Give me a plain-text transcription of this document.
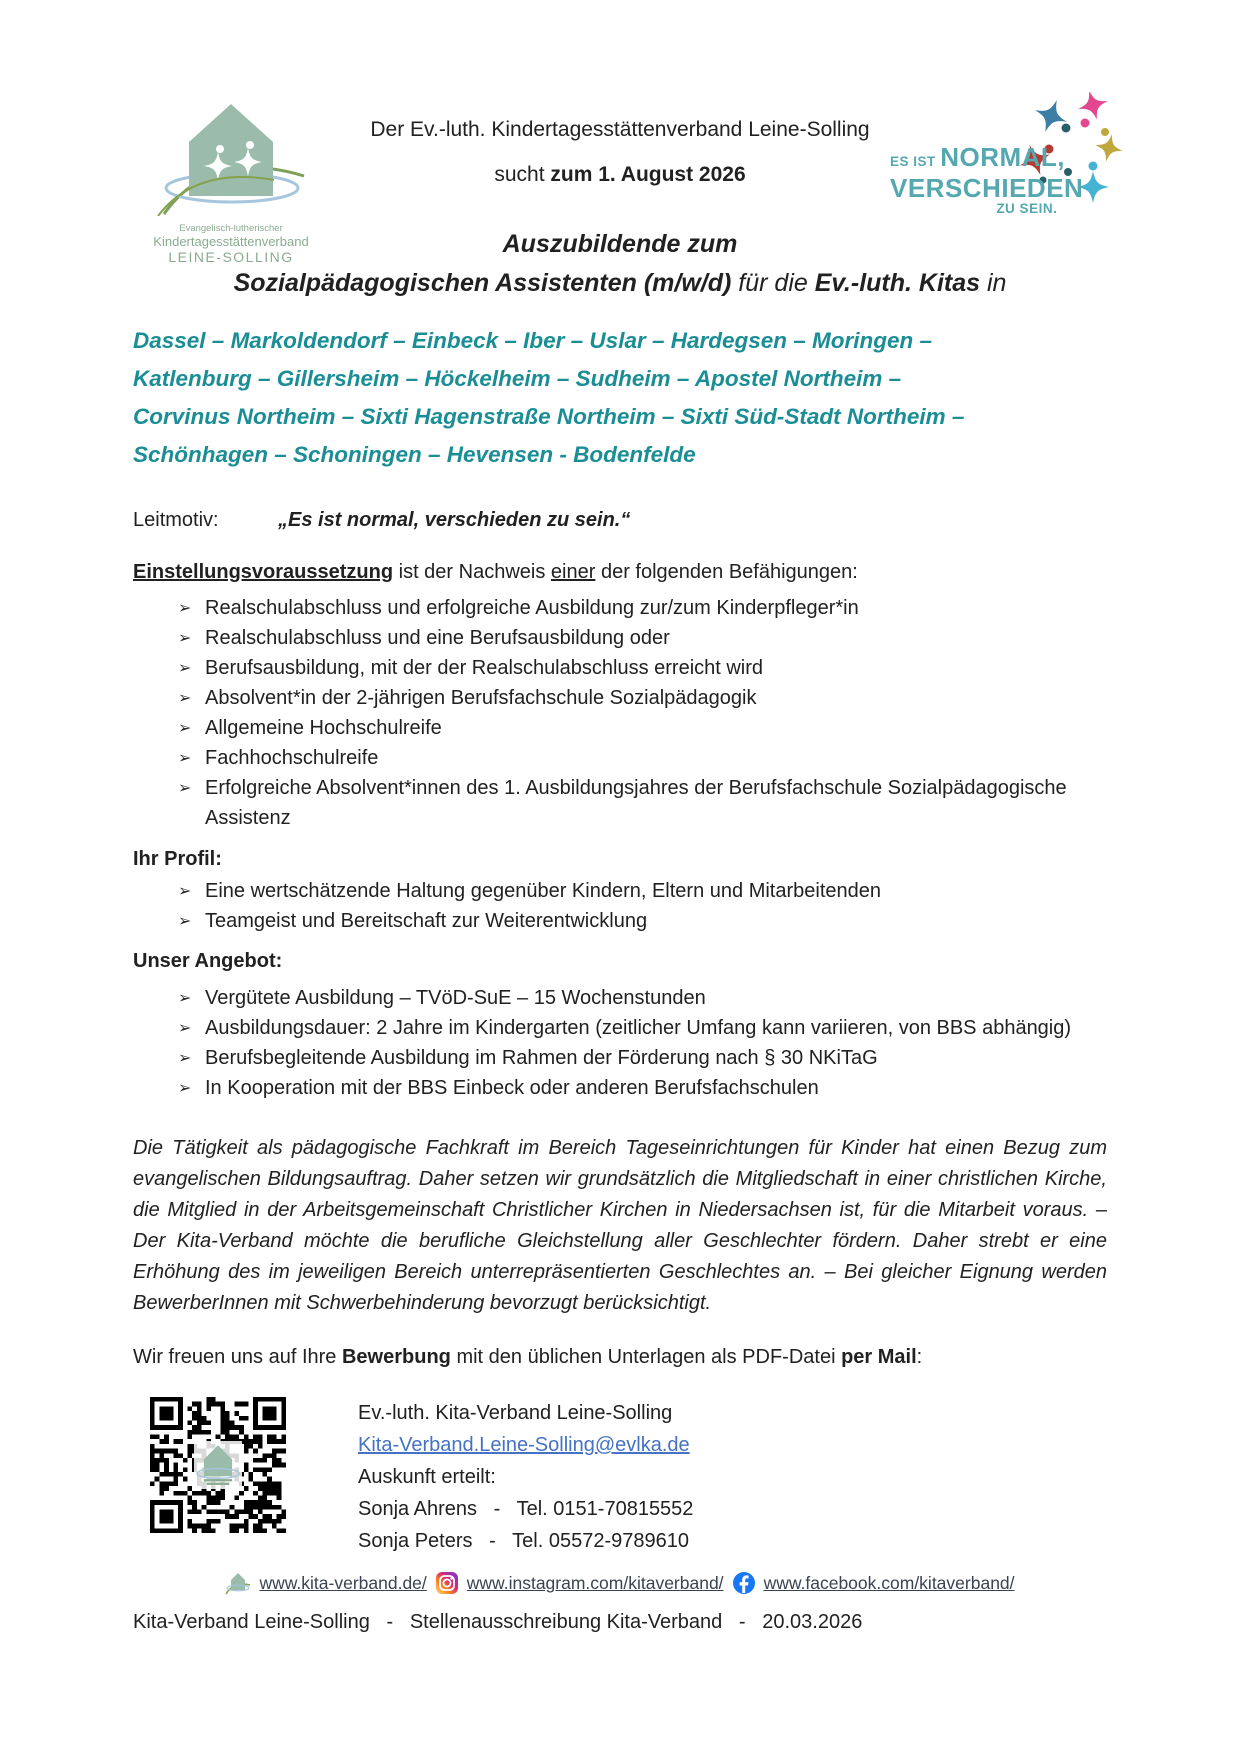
Evangelisch-lutherischer
Kindertagesstättenverband
LEINE-SOLLING
ES IST NORMAL,
VERSCHIEDEN
ZU SEIN.
Der Ev.-luth. Kindertagesstättenverband Leine-Solling
sucht zum 1. August 2026
Auszubildende zum
Sozialpädagogischen Assistenten (m/w/d) für die Ev.-luth. Kitas in
Dassel – Markoldendorf – Einbeck – Iber – Uslar – Hardegsen – Moringen –
Katlenburg – Gillersheim – Höckelheim – Sudheim – Apostel Northeim –
Corvinus Northeim – Sixti Hagenstraße Northeim – Sixti Süd-Stadt Northeim –
Schönhagen – Schoningen – Hevensen - Bodenfelde
Leitmotiv:	„Es ist normal, verschieden zu sein.“
Einstellungsvoraussetzung ist der Nachweis einer der folgenden Befähigungen:
➢ Realschulabschluss und erfolgreiche Ausbildung zur/zum Kinderpfleger*in
➢ Realschulabschluss und eine Berufsausbildung oder
➢ Berufsausbildung, mit der der Realschulabschluss erreicht wird
➢ Absolvent*in der 2-jährigen Berufsfachschule Sozialpädagogik
➢ Allgemeine Hochschulreife
➢ Fachhochschulreife
➢ Erfolgreiche Absolvent*innen des 1. Ausbildungsjahres der Berufsfachschule Sozialpädagogische Assistenz
Ihr Profil:
➢ Eine wertschätzende Haltung gegenüber Kindern, Eltern und Mitarbeitenden
➢ Teamgeist und Bereitschaft zur Weiterentwicklung
Unser Angebot:
➢ Vergütete Ausbildung – TVöD-SuE – 15 Wochenstunden
➢ Ausbildungsdauer: 2 Jahre im Kindergarten (zeitlicher Umfang kann variieren, von BBS abhängig)
➢ Berufsbegleitende Ausbildung im Rahmen der Förderung nach § 30 NKiTaG
➢ In Kooperation mit der BBS Einbeck oder anderen Berufsfachschulen
Die Tätigkeit als pädagogische Fachkraft im Bereich Tageseinrichtungen für Kinder hat einen Bezug zum evangelischen Bildungsauftrag. Daher setzen wir grundsätzlich die Mitgliedschaft in einer christlichen Kirche, die Mitglied in der Arbeitsgemeinschaft Christlicher Kirchen in Niedersachsen ist, für die Mitarbeit voraus. – Der Kita-Verband möchte die berufliche Gleichstellung aller Geschlechter fördern. Daher strebt er eine Erhöhung des im jeweiligen Bereich unterrepräsentierten Geschlechtes an. – Bei gleicher Eignung werden BewerberInnen mit Schwerbehinderung bevorzugt berücksichtigt.
Wir freuen uns auf Ihre Bewerbung mit den üblichen Unterlagen als PDF-Datei per Mail:
Ev.-luth. Kita-Verband Leine-Solling
Kita-Verband.Leine-Solling@evlka.de
Auskunft erteilt:
Sonja Ahrens   -   Tel. 0151-70815552
Sonja Peters   -   Tel. 05572-9789610
www.kita-verband.de/ www.instagram.com/kitaverband/ www.facebook.com/kitaverband/
Kita-Verband Leine-Solling   -   Stellenausschreibung Kita-Verband   -   20.03.2026
